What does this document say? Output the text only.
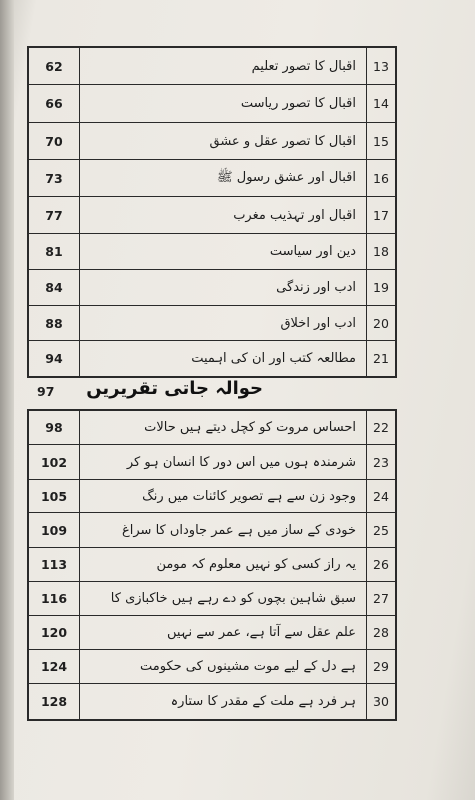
13
اقبال کا تصور تعلیم
62
14
اقبال کا تصور ریاست
66
15
اقبال کا تصور عقل و عشق
70
16
اقبال اور عشق رسول ﷺ
73
17
اقبال اور تہذیب مغرب
77
18
دین اور سیاست
81
19
ادب اور زندگی
84
20
ادب اور اخلاق
88
21
مطالعہ کتب اور ان کی اہمیت
94
حوالہ جاتی تقریریں
97
22
احساس مروت کو کچل دیتے ہیں حالات
98
23
شرمندہ ہوں میں اس دور کا انسان ہو کر
102
24
وجود زن سے ہے تصویر کائنات میں رنگ
105
25
خودی کے ساز میں ہے عمر جاوداں کا سراغ
109
26
یہ راز کسی کو نہیں معلوم کہ مومن
113
27
سبق شاہین بچوں کو دے رہے ہیں خاکبازی کا
116
28
علم عقل سے آتا ہے، عمر سے نہیں
120
29
ہے دل کے لیے موت مشینوں کی حکومت
124
30
ہر فرد ہے ملت کے مقدر کا ستارہ
128
